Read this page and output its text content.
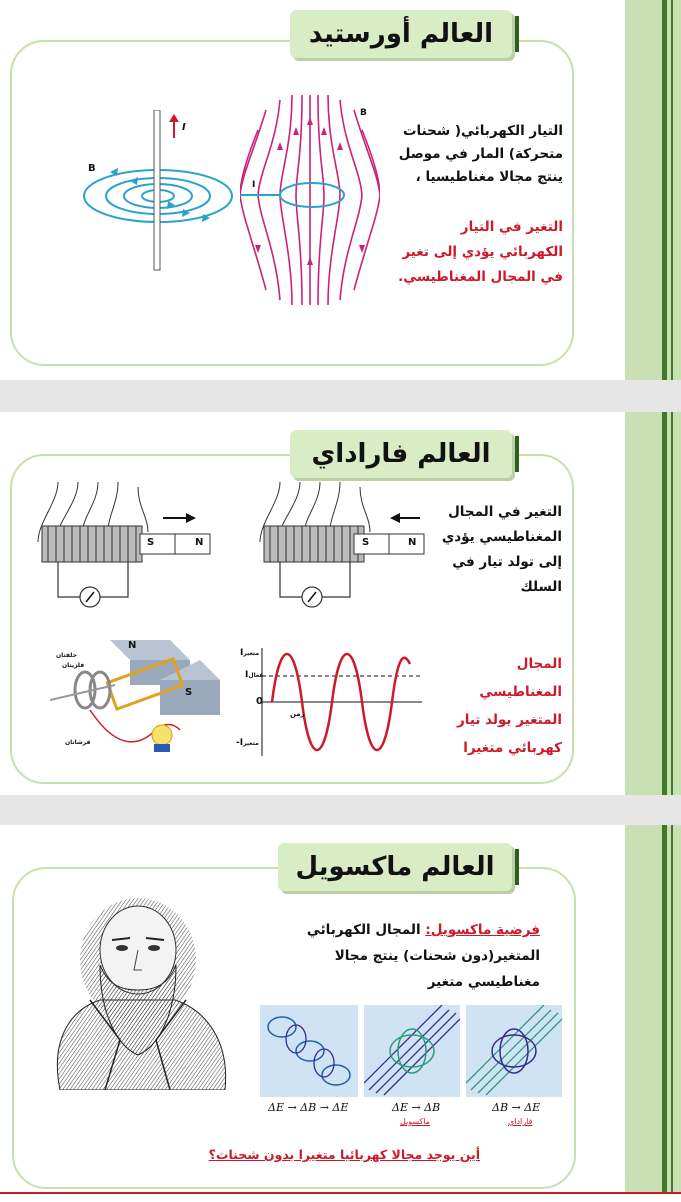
العالم أورستيد
B
I
B
I
التيار الكهربائي( شحنات متحركة) المار في موصل ينتج مجالا مغناطيسيا ،
التغير في التيار الكهربائي يؤدي إلى تغير في المجال المغناطيسي.
العالم فاراداي
S	N	S	N
التغير في المجال المغناطيسي يؤدي إلى تولد تيار في السلك
N
S
حلقتان
فلزيتان
فرشاتان
Iمتغير
Iفعال
0
-Iمتغير
زمن
المجال المغناطيسي المتغير يولد تيار كهربائي متغيرا
العالم ماكسويل
فرضية ماكسويل: المجال الكهربائي المتغير(دون شحنات) ينتج مجالا مغناطيسي متغير
ΔE → ΔB → ΔE	ΔE → ΔB	ΔB → ΔE
ماكسويل	فاراداي
أين يوجد مجالا كهربائيا متغيرا بدون شحنات؟
